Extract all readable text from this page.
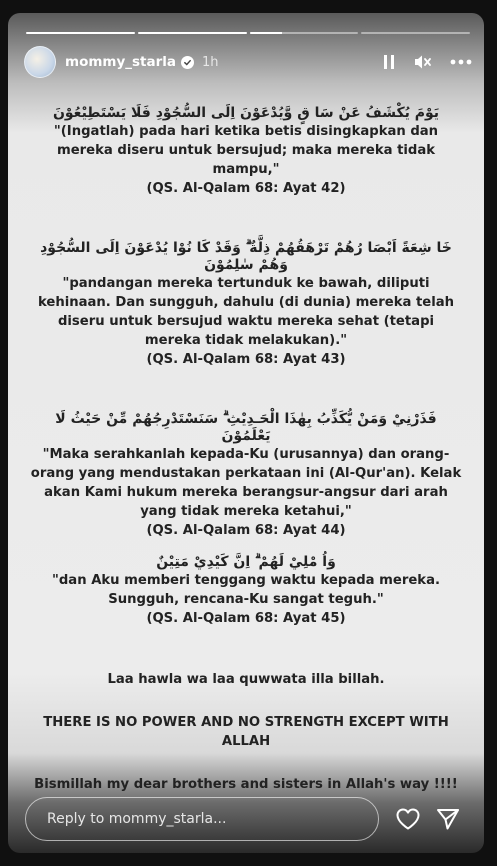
mommy_starla 1h
يَوْمَ يُكْشَفُ عَنْ سَا قٍ وَّيُدْعَوْنَ اِلَى السُّجُوْدِ فَلَا يَسْتَطِيْعُوْنَ
"(Ingatlah) pada hari ketika betis disingkapkan dan mereka diseru untuk bersujud; maka mereka tidak mampu,"
(QS. Al-Qalam 68: Ayat 42)
خَا شِعَةً اَبْصَا رُهُمْ تَرْهَقُهُمْ ذِلَّةٌ ۗ وَقَدْ كَا نُوْا يُدْعَوْنَ اِلَى السُّجُوْدِ وَهُمْ سٰلِمُوْنَ
"pandangan mereka tertunduk ke bawah, diliputi kehinaan. Dan sungguh, dahulu (di dunia) mereka telah diseru untuk bersujud waktu mereka sehat (tetapi mereka tidak melakukan)."
(QS. Al-Qalam 68: Ayat 43)
فَذَرْنِيْ وَمَنْ يُّكَذِّبُ بِهٰذَا الْحَـدِيْثِ ۗ سَنَسْتَدْرِجُهُمْ مِّنْ حَيْثُ لَا يَعْلَمُوْنَ
"Maka serahkanlah kepada-Ku (urusannya) dan orang-orang yang mendustakan perkataan ini (Al-Qur'an). Kelak akan Kami hukum mereka berangsur-angsur dari arah yang tidak mereka ketahui,"
(QS. Al-Qalam 68: Ayat 44)
وَاُ مْلِيْ لَهُمْ ۗ اِنَّ كَيْدِيْ مَتِيْنٌ
"dan Aku memberi tenggang waktu kepada mereka. Sungguh, rencana-Ku sangat teguh."
(QS. Al-Qalam 68: Ayat 45)
Laa hawla wa laa quwwata illa billah.
THERE IS NO POWER AND NO STRENGTH EXCEPT WITH ALLAH
Bismillah my dear brothers and sisters in Allah's way !!!!
Reply to mommy_starla...
